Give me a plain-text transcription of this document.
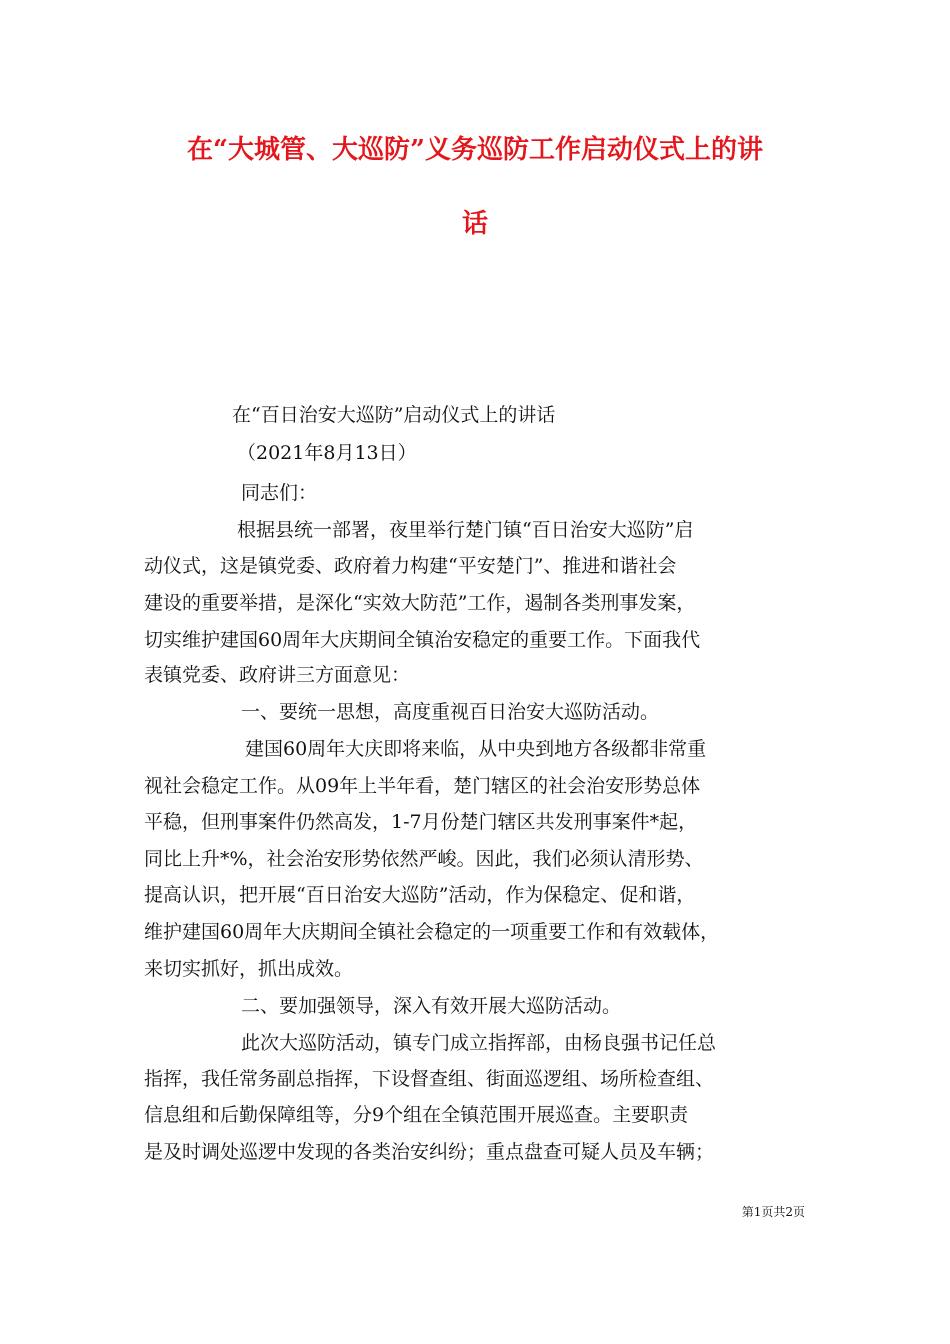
在“大城管、大巡防”义务巡防工作启动仪式上的讲
话
在“百日治安大巡防”启动仪式上的讲话
（2021年8月13日）
同志们：
根据县统一部署，夜里举行楚门镇“百日治安大巡防”启
动仪式，这是镇党委、政府着力构建“平安楚门”、推进和谐社会
建设的重要举措，是深化“实效大防范”工作，遏制各类刑事发案，
切实维护建国60周年大庆期间全镇治安稳定的重要工作。下面我代
表镇党委、政府讲三方面意见：
一、要统一思想，高度重视百日治安大巡防活动。
建国60周年大庆即将来临，从中央到地方各级都非常重
视社会稳定工作。从09年上半年看，楚门辖区的社会治安形势总体
平稳，但刑事案件仍然高发，1-7月份楚门辖区共发刑事案件*起，
同比上升*%，社会治安形势依然严峻。因此，我们必须认清形势、
提高认识，把开展“百日治安大巡防”活动，作为保稳定、促和谐，
维护建国60周年大庆期间全镇社会稳定的一项重要工作和有效载体，
来切实抓好，抓出成效。
二、要加强领导，深入有效开展大巡防活动。
此次大巡防活动，镇专门成立指挥部，由杨良强书记任总
指挥，我任常务副总指挥，下设督查组、街面巡逻组、场所检查组、
信息组和后勤保障组等，分9个组在全镇范围开展巡查。主要职责
是及时调处巡逻中发现的各类治安纠纷；重点盘查可疑人员及车辆；
第1页共2页
